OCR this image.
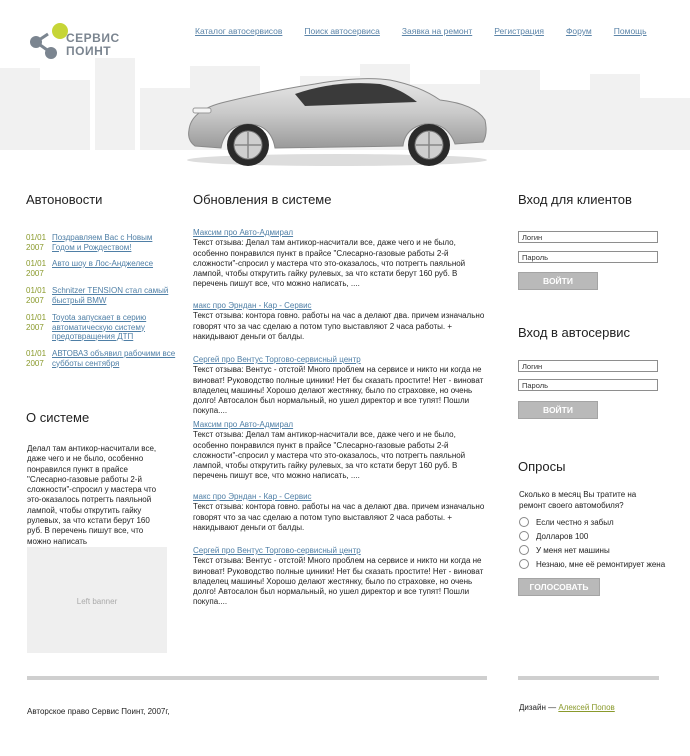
СЕРВИС
ПОИНТ
Каталог автосервисов	Поиск автосервиса	Заявка на ремонт	Регистрация	Форум	Помощь
Автоновости
01/01 2007
Поздравляем Вас с Новым Годом и Рождеством!
01/01 2007
Авто шоу в Лос-Анджелесе
01/01 2007
Schnitzer TENSION стал самый быстрый BMW
01/01 2007
Toyota запускает в серию автоматическую систему предотвращения ДТП
01/01 2007
АВТОВАЗ объявил рабочими все субботы сентября
О системе
Делал там антикор-насчитали все, даже чего и не было, особенно понравился пункт в прайсе "Слесарно-газовые работы 2-й сложности"-спросил у мастера что это-оказалось потрегть паяльной лампой, чтобы открутить гайку рулевых, за что кстати берут 160 руб. В перечень пишут все, что можно написать
Left banner
Обновления в системе
Максим про Авто-Адмирал
Текст отзыва: Делал там антикор-насчитали все, даже чего и не было, особенно понравился пункт в прайсе "Слесарно-газовые работы 2-й сложности"-спросил у мастера что это-оказалось, что потрегть паяльной лампой, чтобы открутить гайку рулевых, за что кстати берут 160 руб. В перечень пишут все, что можно написать, ....
макс про Эрндан - Кар - Сервис
Текст отзыва: контора говно. работы на час а делают два. причем изначально говорят что за час сделаю а потом тупо выставляют 2 часа работы. + накидывают деньги от балды.
Сергей про Вентус Торгово-сервисный центр
Текст отзыва: Вентус - отстой! Много проблем на сервисе и никто ни когда не виноват! Руководство полные циники! Нет бы сказать простите! Нет - виноват владелец машины! Хорошо делают жестянку, было по страховке, но очень долго! Автосалон был нормальный, но ушел директор и все тупят! Пошли покупа....
Максим про Авто-Адмирал
Текст отзыва: Делал там антикор-насчитали все, даже чего и не было, особенно понравился пункт в прайсе "Слесарно-газовые работы 2-й сложности"-спросил у мастера что это-оказалось, что потрегть паяльной лампой, чтобы открутить гайку рулевых, за что кстати берут 160 руб. В перечень пишут все, что можно написать, ....
макс про Эрндан - Кар - Сервис
Текст отзыва: контора говно. работы на час а делают два. причем изначально говорят что за час сделаю а потом тупо выставляют 2 часа работы. + накидывают деньги от балды.
Сергей про Вентус Торгово-сервисный центр
Текст отзыва: Вентус - отстой! Много проблем на сервисе и никто ни когда не виноват! Руководство полные циники! Нет бы сказать простите! Нет - виноват владелец машины! Хорошо делают жестянку, было по страховке, но очень долго! Автосалон был нормальный, но ушел директор и все тупят! Пошли покупа....
Вход для клиентов
Логин
Пароль
ВОЙТИ
Вход в автосервис
Логин
Пароль
ВОЙТИ
Опросы
Сколько в месяц Вы тратите на ремонт своего автомобиля?
Если честно я забыл
Долларов 100
У меня нет машины
Незнаю, мне её ремонтирует жена
ГОЛОСОВАТЬ
Авторское право Сервис Поинт, 2007г,	Дизайн — Алексей Попов
